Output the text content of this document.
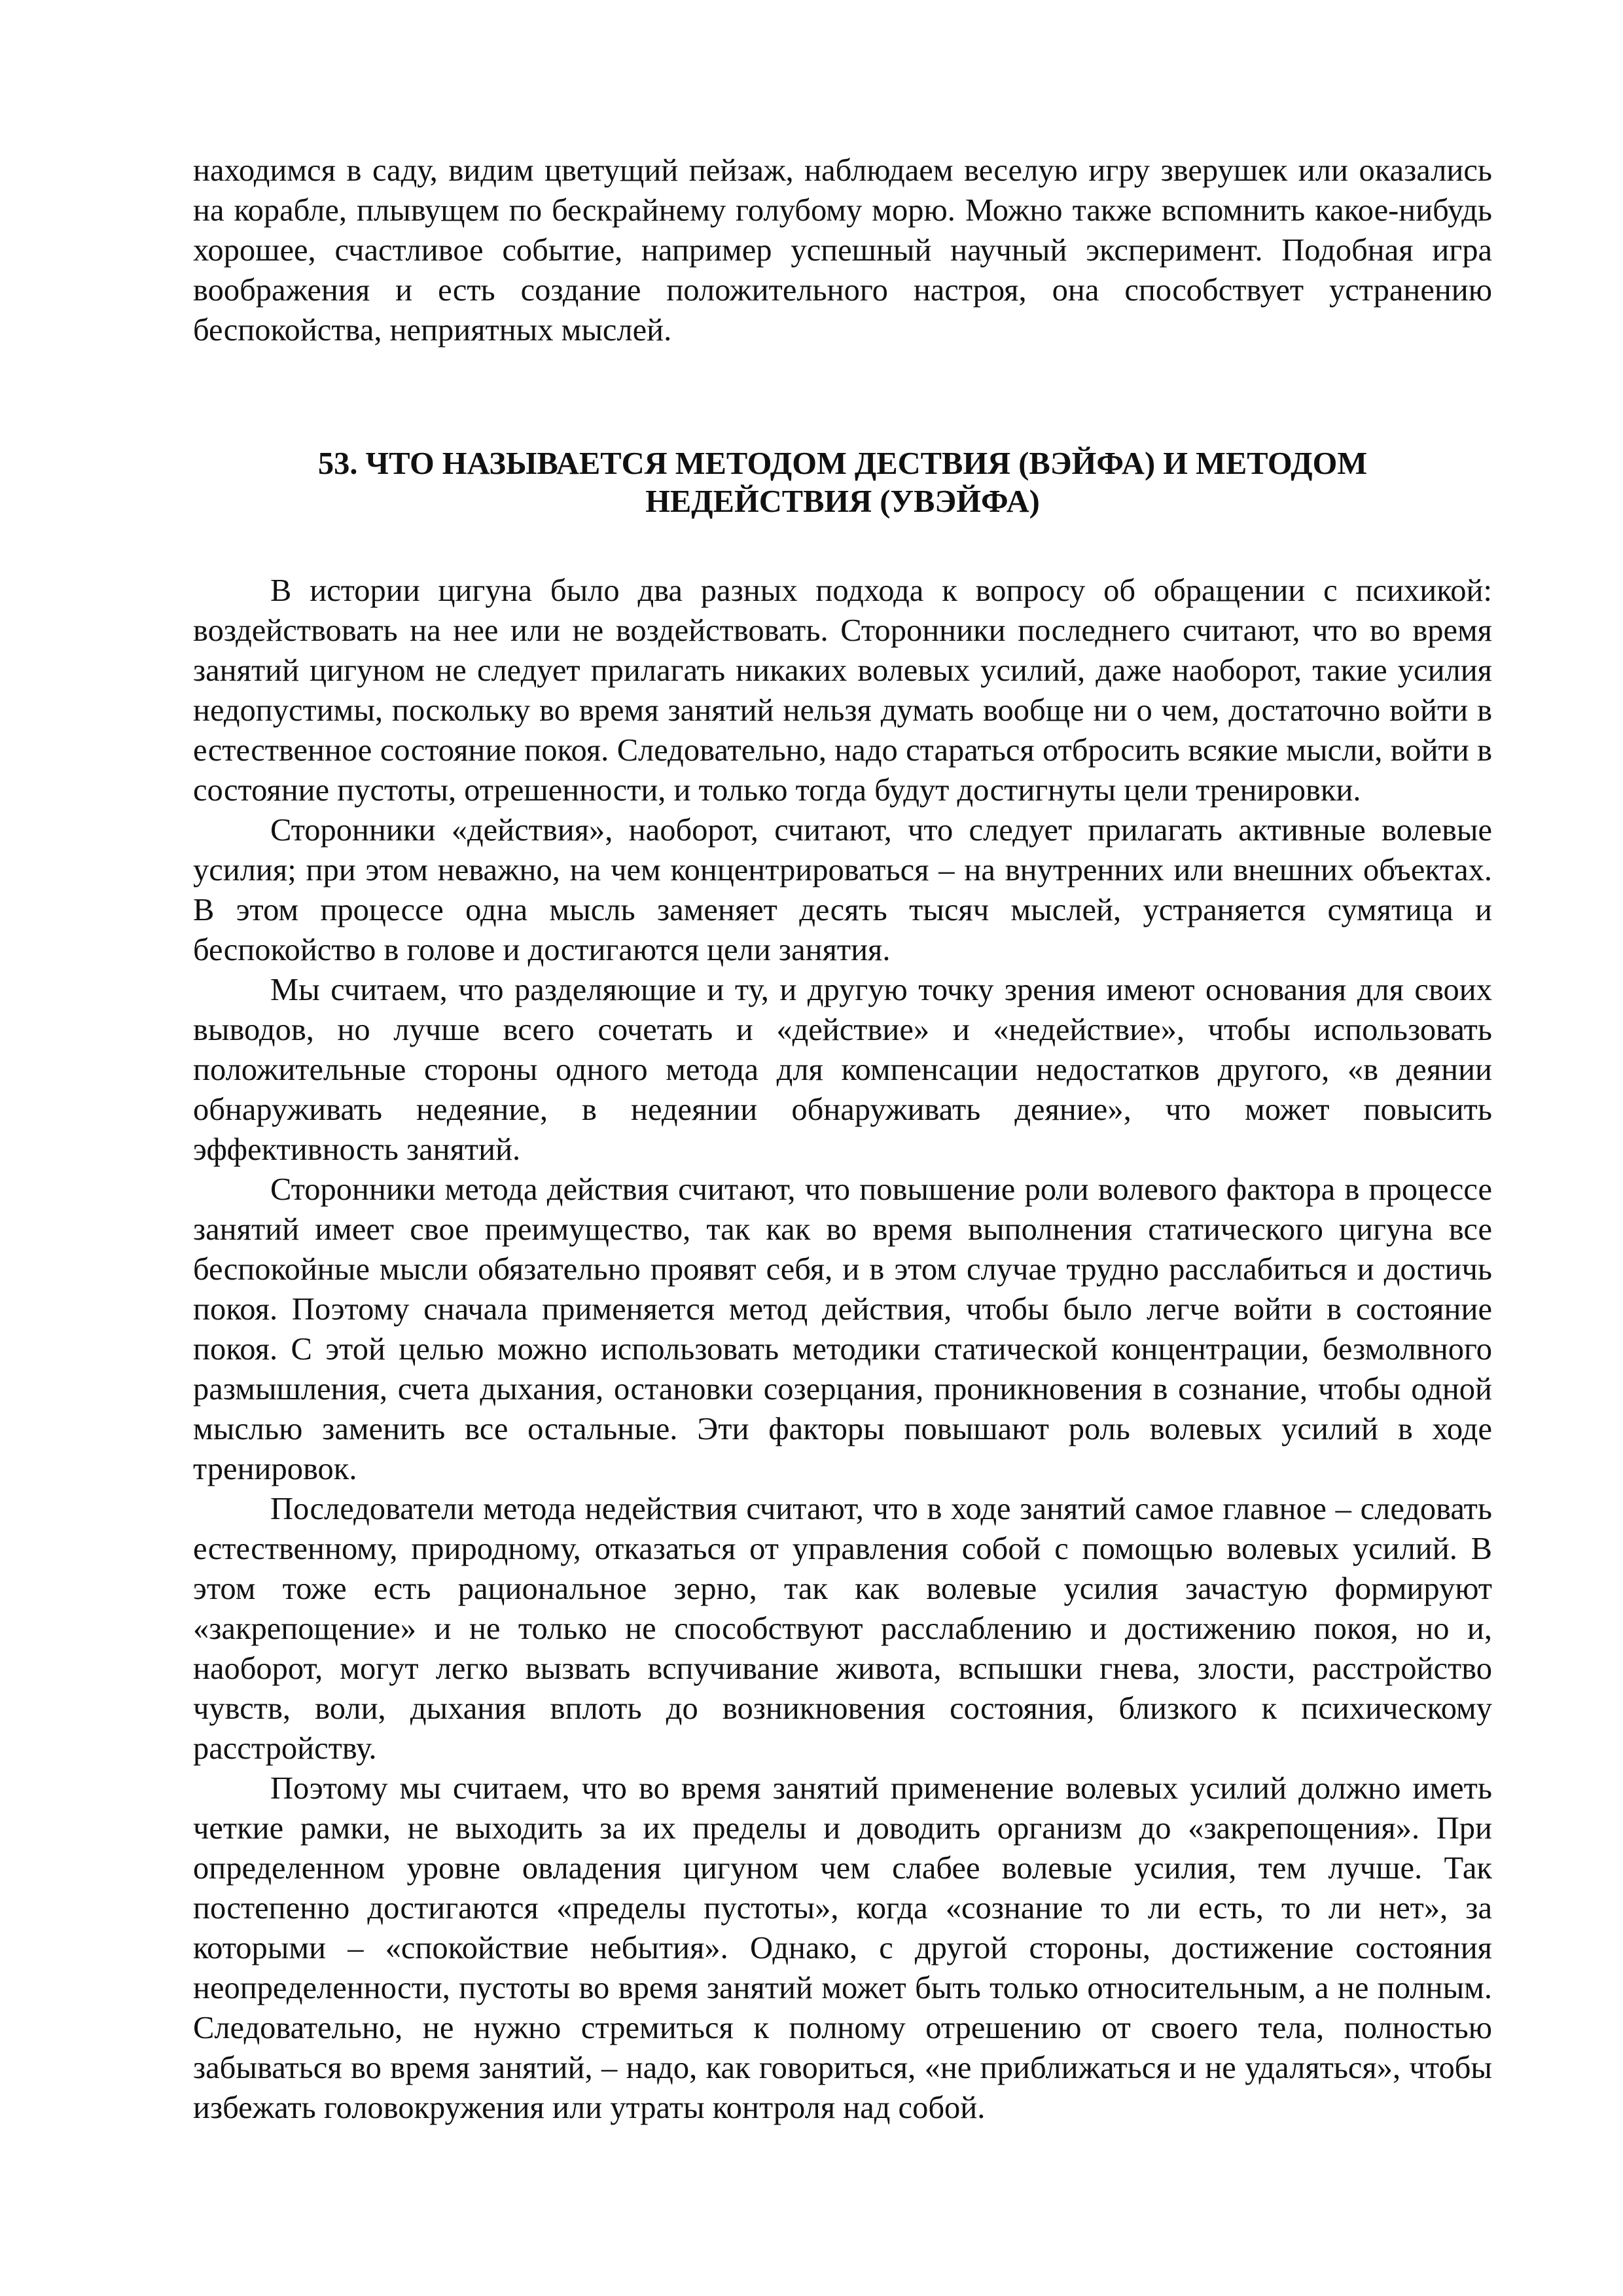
находимся в саду, видим цветущий пейзаж, наблюдаем веселую игру зверушек или оказались на корабле, плывущем по бескрайнему голубому морю. Можно также вспомнить какое-нибудь хорошее, счастливое событие, например успешный научный эксперимент. Подобная игра воображения и есть создание положительного настроя, она способствует устранению беспокойства, неприятных мыслей.

53. ЧТО НАЗЫВАЕТСЯ МЕТОДОМ ДЕСТВИЯ (ВЭЙФА) И МЕТОДОМ
НЕДЕЙСТВИЯ (УВЭЙФА)

В истории цигуна было два разных подхода к вопросу об обращении с психикой: воздействовать на нее или не воздействовать. Сторонники последнего считают, что во время занятий цигуном не следует прилагать никаких волевых усилий, даже наоборот, такие усилия недопустимы, поскольку во время занятий нельзя думать вообще ни о чем, достаточно войти в естественное состояние покоя. Следовательно, надо стараться отбросить всякие мысли, войти в состояние пустоты, отрешенности, и только тогда будут достигнуты цели тренировки.

Сторонники «действия», наоборот, считают, что следует прилагать активные волевые усилия; при этом неважно, на чем концентрироваться – на внутренних или внешних объектах. В этом процессе одна мысль заменяет десять тысяч мыслей, устраняется сумятица и беспокойство в голове и достигаются цели занятия.

Мы считаем, что разделяющие и ту, и другую точку зрения имеют основания для своих выводов, но лучше всего сочетать и «действие» и «недействие», чтобы использовать положительные стороны одного метода для компенсации недостатков другого, «в деянии обнаруживать недеяние, в недеянии обнаруживать деяние», что может повысить эффективность занятий.

Сторонники метода действия считают, что повышение роли волевого фактора в процессе занятий имеет свое преимущество, так как во время выполнения статического цигуна все беспокойные мысли обязательно проявят себя, и в этом случае трудно расслабиться и достичь покоя. Поэтому сначала применяется метод действия, чтобы было легче войти в состояние покоя. С этой целью можно использовать методики статической концентрации, безмолвного размышления, счета дыхания, остановки созерцания, проникновения в сознание, чтобы одной мыслью заменить все остальные. Эти факторы повышают роль волевых усилий в ходе тренировок.

Последователи метода недействия считают, что в ходе занятий самое главное – следовать естественному, природному, отказаться от управления собой с помощью волевых усилий. В этом тоже есть рациональное зерно, так как волевые усилия зачастую формируют «закрепощение» и не только не способствуют расслаблению и достижению покоя, но и, наоборот, могут легко вызвать вспучивание живота, вспышки гнева, злости, расстройство чувств, воли, дыхания вплоть до возникновения состояния, близкого к психическому расстройству.

Поэтому мы считаем, что во время занятий применение волевых усилий должно иметь четкие рамки, не выходить за их пределы и доводить организм до «закрепощения». При определенном уровне овладения цигуном чем слабее волевые усилия, тем лучше. Так постепенно достигаются «пределы пустоты», когда «сознание то ли есть, то ли нет», за которыми – «спокойствие небытия». Однако, с другой стороны, достижение состояния неопределенности, пустоты во время занятий может быть только относительным, а не полным. Следовательно, не нужно стремиться к полному отрешению от своего тела, полностью забываться во время занятий, – надо, как говориться, «не приближаться и не удаляться», чтобы избежать головокружения или утраты контроля над собой.
